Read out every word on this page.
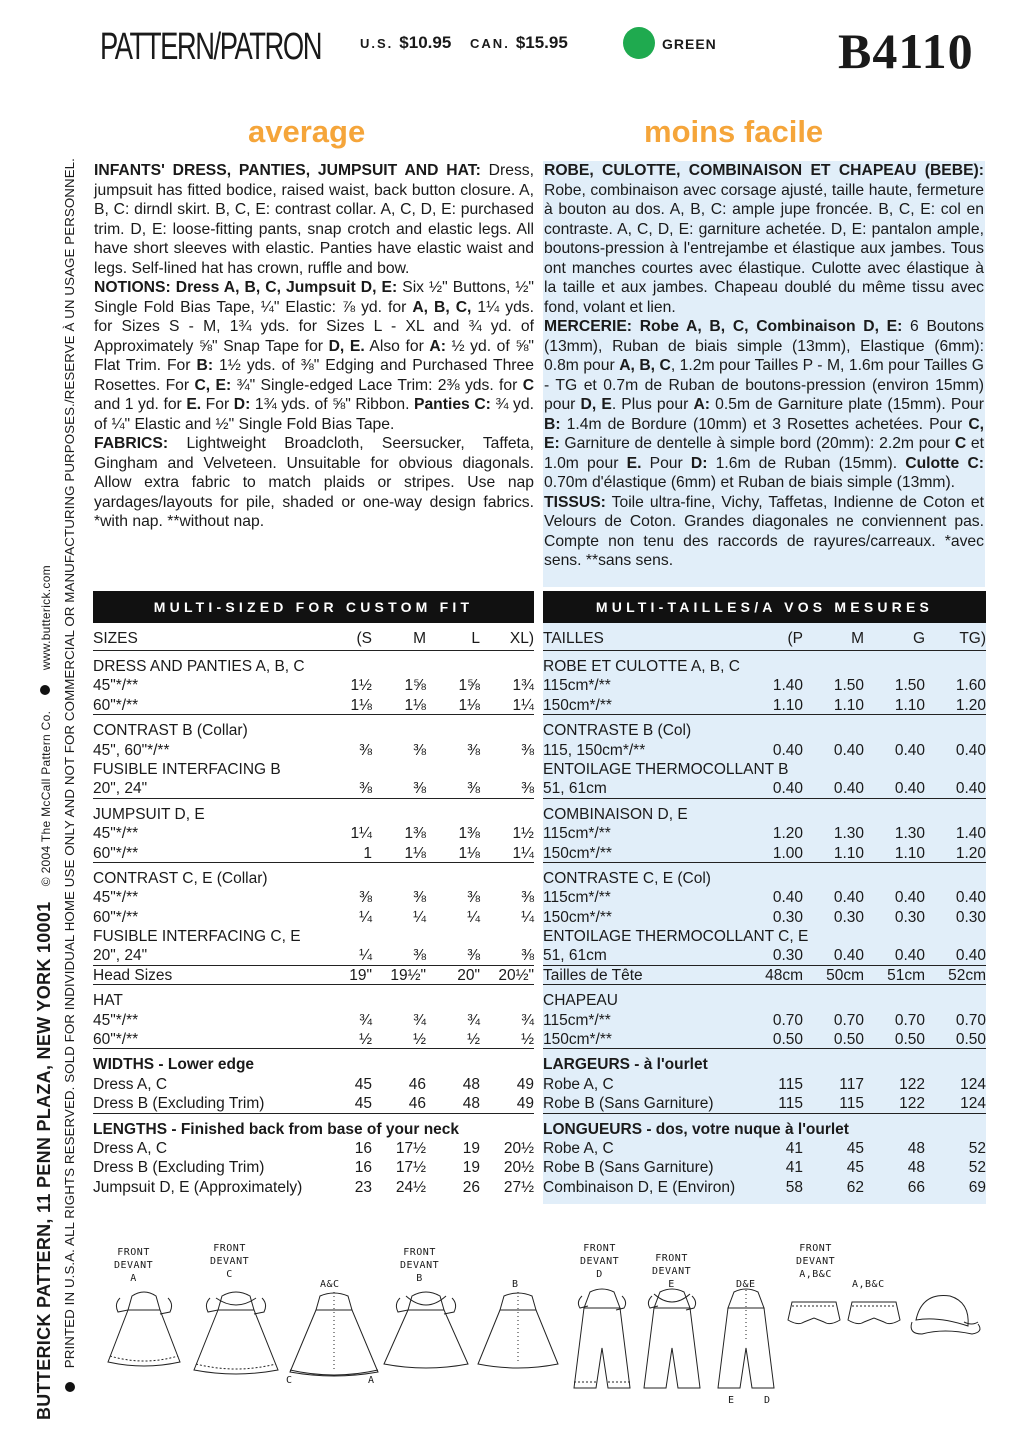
PATTERN/PATRON	U.S. $10.95 CAN. $15.95	GREEN B4110
average	moins facile
BUTTERICK PATTERN, 11 PENN PLAZA, NEW YORK 10001 © 2004 The McCall Pattern Co.  www.butterick.com PRINTED IN U.S.A. ALL RIGHTS RESERVED. SOLD FOR INDIVIDUAL HOME USE ONLY AND NOT FOR COMMERCIAL OR MANUFACTURING PURPOSES./RESERVE À UN USAGE PERSONNEL. INFANTS' DRESS, PANTIES, JUMPSUIT AND HAT: Dress, jumpsuit has fitted bodice, raised waist, back button closure. A, B, C: dirndl skirt. B, C, E: contrast collar. A, C, D, E: purchased trim. D, E: loose-fitting pants, snap crotch and elastic legs. All have short sleeves with elastic. Panties have elastic waist and legs. Self-lined hat has crown, ruffle and bow.

NOTIONS: Dress A, B, C, Jumpsuit D, E: Six ½" Buttons, ½" Single Fold Bias Tape, ¼" Elastic: ⅞ yd. for A, B, C, 1¼ yds. for Sizes S - M, 1¾ yds. for Sizes L - XL and ¾ yd. of Approximately ⅝" Snap Tape for D, E. Also for A: ½ yd. of ⅝" Flat Trim. For B: 1½ yds. of ⅜" Edging and Purchased Three Rosettes. For C, E: ¾" Single-edged Lace Trim: 2⅜ yds. for C and 1 yd. for E. For D: 1¾ yds. of ⅝" Ribbon. Panties C: ¾ yd. of ¼" Elastic and ½" Single Fold Bias Tape.

FABRICS: Lightweight Broadcloth, Seersucker, Taffeta, Gingham and Velveteen. Unsuitable for obvious diagonals. Allow extra fabric to match plaids or stripes. Use nap yardages/layouts for pile, shaded or one-way design fabrics. *with nap. **without nap.

ROBE, CULOTTE, COMBINAISON ET CHAPEAU (BEBE): Robe, combinaison avec corsage ajusté, taille haute, fermeture à bouton au dos. A, B, C: ample jupe froncée. B, C, E: col en contraste. A, C, D, E: garniture achetée. D, E: pantalon ample, boutons-pression à l'entrejambe et élastique aux jambes. Tous ont manches courtes avec élastique. Culotte avec élastique à la taille et aux jambes. Chapeau doublé du même tissu avec fond, volant et lien.

MERCERIE: Robe A, B, C, Combinaison D, E: 6 Boutons (13mm), Ruban de biais simple (13mm), Elastique (6mm): 0.8m pour A, B, C, 1.2m pour Tailles P - M, 1.6m pour Tailles G - TG et 0.7m de Ruban de boutons-pression (environ 15mm) pour D, E. Plus pour A: 0.5m de Garniture plate (15mm). Pour B: 1.4m de Bordure (10mm) et 3 Rosettes achetées. Pour C, E: Garniture de dentelle à simple bord (20mm): 2.2m pour C et 1.0m pour E. Pour D: 1.6m de Ruban (15mm). Culotte C: 0.70m d'élastique (6mm) et Ruban de biais simple (13mm).

TISSUS: Toile ultra-fine, Vichy, Taffetas, Indienne de Coton et Velours de Coton. Grandes diagonales ne conviennent pas. Compte non tenu des raccords de rayures/carreaux. *avec sens. **sans sens.

MULTI-SIZED FOR CUSTOM FIT
SIZES	(S	M	L	XL)
DRESS AND PANTIES A, B, C
45"*/**	1½	1⅝	1⅝	1¾
60"*/**	1⅛	1⅛	1⅛	1¼
CONTRAST B (Collar)
45", 60"*/**	⅜	⅜	⅜	⅜
FUSIBLE INTERFACING B
20", 24"	⅜	⅜	⅜	⅜
JUMPSUIT D, E
45"*/**	1¼	1⅜	1⅜	1½
60"*/**	1	1⅛	1⅛	1¼
CONTRAST C, E (Collar)
45"*/**	⅜	⅜	⅜	⅜
60"*/**	¼	¼	¼	¼
FUSIBLE INTERFACING C, E
20", 24"	¼	⅜	⅜	⅜
Head Sizes	19"	19½"	20"	20½"
HAT
45"*/**	¾	¾	¾	¾
60"*/**	½	½	½	½
WIDTHS - Lower edge
Dress A, C	45	46	48	49
Dress B (Excluding Trim)	45	46	48	49
LENGTHS - Finished back from base of your neck
Dress A, C	16	17½	19	20½
Dress B (Excluding Trim)	16	17½	19	20½
Jumpsuit D, E (Approximately)	23	24½	26	27½
MULTI-TAILLES/A VOS MESURES
TAILLES	(P	M	G	TG)
ROBE ET CULOTTE A, B, C
115cm*/**	1.40	1.50	1.50	1.60
150cm*/**	1.10	1.10	1.10	1.20
CONTRASTE B (Col)
115, 150cm*/**	0.40	0.40	0.40	0.40
ENTOILAGE THERMOCOLLANT B
51, 61cm	0.40	0.40	0.40	0.40
COMBINAISON D, E
115cm*/**	1.20	1.30	1.30	1.40
150cm*/**	1.00	1.10	1.10	1.20
CONTRASTE C, E (Col)
115cm*/**	0.40	0.40	0.40	0.40
150cm*/**	0.30	0.30	0.30	0.30
ENTOILAGE THERMOCOLLANT C, E
51, 61cm	0.30	0.40	0.40	0.40
Tailles de Tête	48cm	50cm	51cm	52cm
CHAPEAU
115cm*/**	0.70	0.70	0.70	0.70
150cm*/**	0.50	0.50	0.50	0.50
LARGEURS - à l'ourlet
Robe A, C	115	117	122	124
Robe B (Sans Garniture)	115	115	122	124
LONGUEURS - dos, votre nuque à l'ourlet
Robe A, C	41	45	48	52
Robe B (Sans Garniture)	41	45	48	52
Combinaison D, E (Environ)	58	62	66	69
FRONT
DEVANT
A
FRONT
DEVANT
C
A&C
FRONT
DEVANT
B
B
FRONT
DEVANT
D
FRONT
DEVANT
E	D&E
FRONT
DEVANT
A,B&C
A,B&C
C	A
E	D
